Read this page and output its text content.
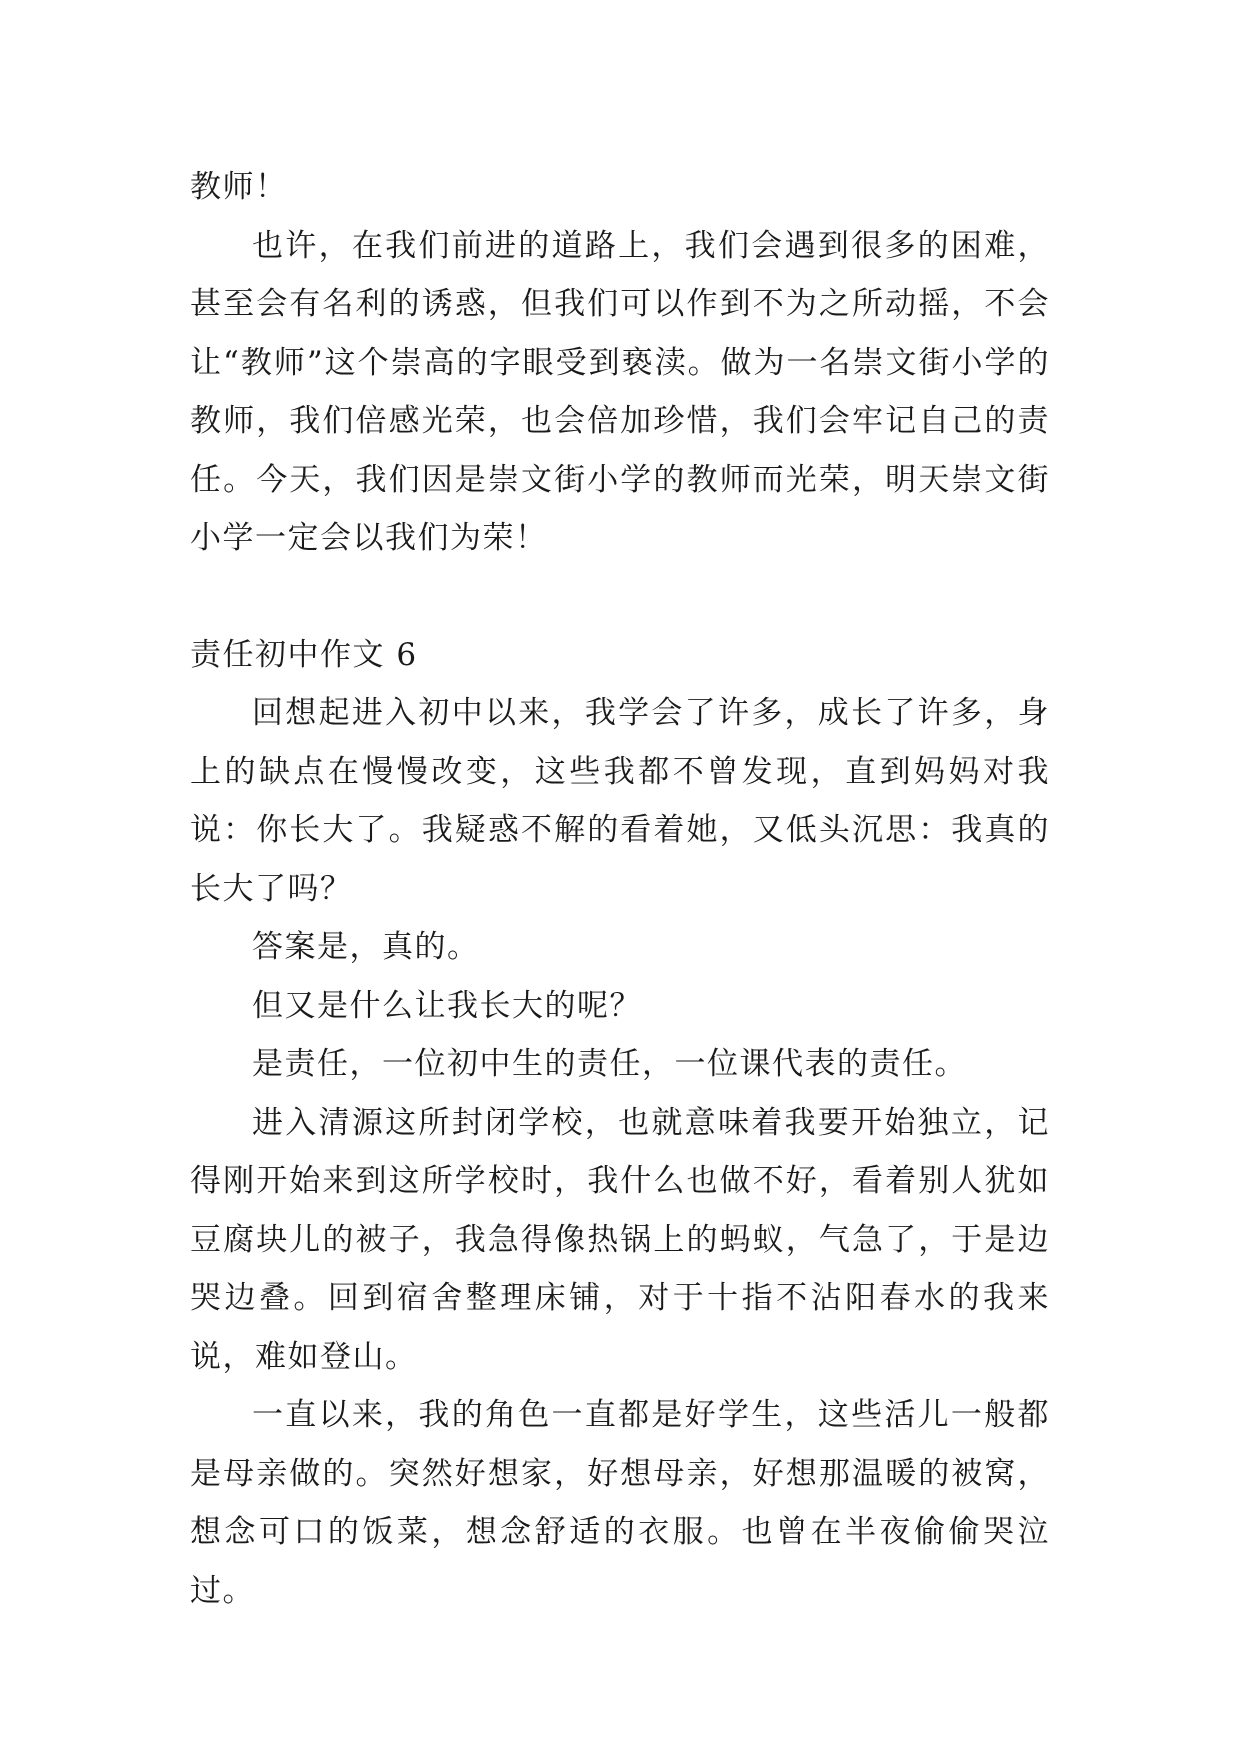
教师！

也许，在我们前进的道路上，我们会遇到很多的困难，甚至会有名利的诱惑，但我们可以作到不为之所动摇，不会让“教师”这个崇高的字眼受到亵渎。做为一名崇文街小学的教师，我们倍感光荣，也会倍加珍惜，我们会牢记自己的责任。今天，我们因是崇文街小学的教师而光荣，明天崇文街小学一定会以我们为荣！

责任初中作文 6

回想起进入初中以来，我学会了许多，成长了许多，身上的缺点在慢慢改变，这些我都不曾发现，直到妈妈对我说：你长大了。我疑惑不解的看着她，又低头沉思：我真的长大了吗？

答案是，真的。

但又是什么让我长大的呢？

是责任，一位初中生的责任，一位课代表的责任。

进入清源这所封闭学校，也就意味着我要开始独立，记得刚开始来到这所学校时，我什么也做不好，看着别人犹如豆腐块儿的被子，我急得像热锅上的蚂蚁，气急了，于是边哭边叠。回到宿舍整理床铺，对于十指不沾阳春水的我来说，难如登山。

一直以来，我的角色一直都是好学生，这些活儿一般都是母亲做的。突然好想家，好想母亲，好想那温暖的被窝，想念可口的饭菜，想念舒适的衣服。也曾在半夜偷偷哭泣过。
